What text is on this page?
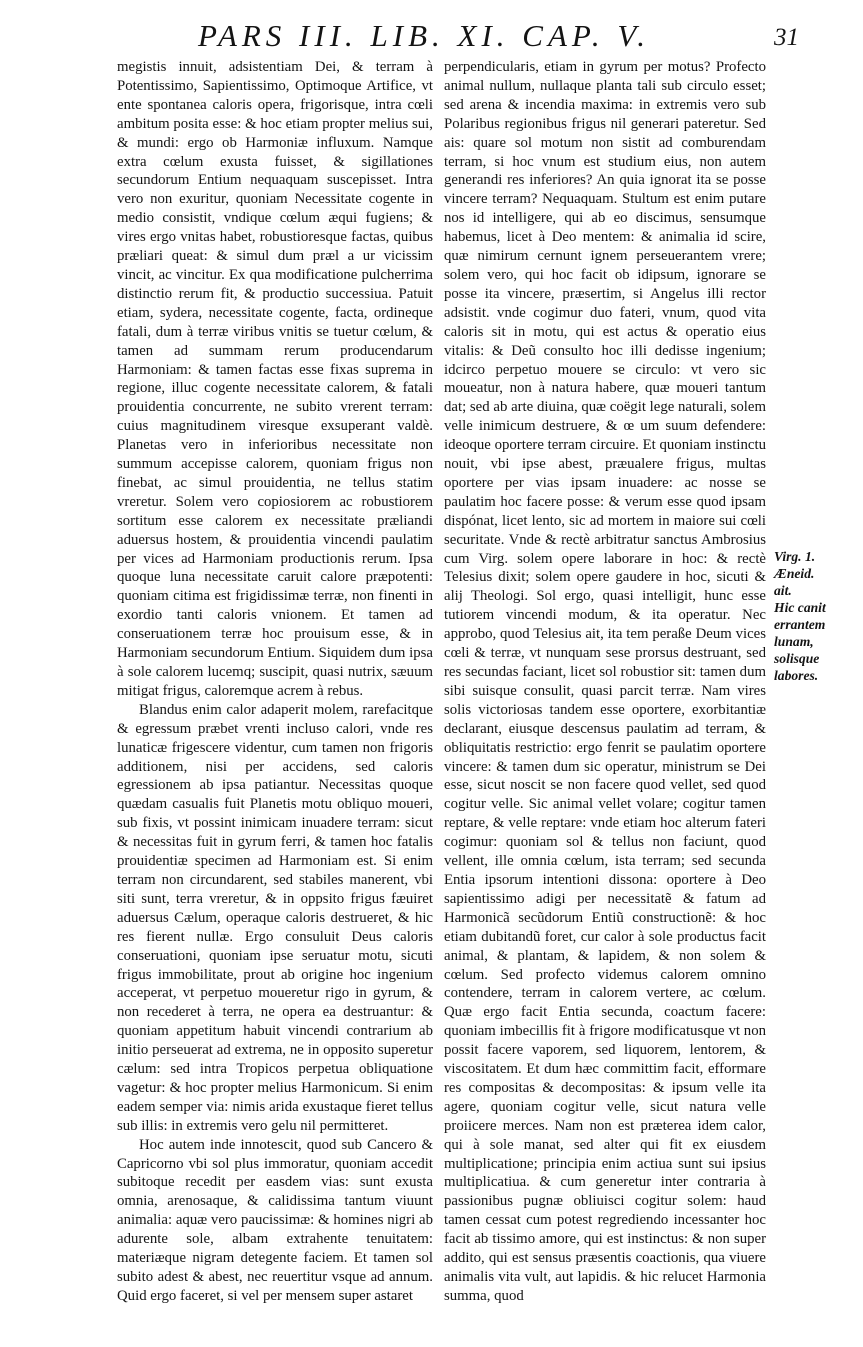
PARS III. LIB. XI. CAP. V.	31

megistis innuit, adsistentiam Dei, & terram à Potentissimo, Sapientissimo, Optimoque Artifice, vt ente spontanea caloris opera, frigorisque, intra cœli ambitum posita esse: & hoc etiam propter melius sui, & mundi: ergo ob Harmoniæ influxum. Namque extra cœlum exusta fuisset, & sigillationes secundorum Entium nequaquam suscepisset. Intra vero non exuritur, quoniam Necessitate cogente in medio consistit, vndique cœlum æqui fugiens; & vires ergo vnitas habet, robustioresque factas, quibus præliari queat: & simul dum præl a ur vicissim vincit, ac vincitur. Ex qua modificatione pulcherrima distinctio rerum fit, & productio successiua. Patuit etiam, sydera, necessitate cogente, facta, ordineque fatali, dum à terræ viribus vnitis se tuetur cœlum, & tamen ad summam rerum producendarum Harmoniam: & tamen factas esse fixas suprema in regione, illuc cogente necessitate calorem, & fatali prouidentia concurrente, ne subito vrerent terram: cuius magnitudinem viresque exsuperant valdè. Planetas vero in inferioribus necessitate non summum accepisse calorem, quoniam frigus non finebat, ac simul prouidentia, ne tellus statim vreretur. Solem vero copiosiorem ac robustiorem sortitum esse calorem ex necessitate præliandi aduersus hostem, & prouidentia vincendi paulatim per vices ad Harmoniam productionis rerum. Ipsa quoque luna necessitate caruit calore præpotenti: quoniam citima est frigidissimæ terræ, non finenti in exordio tanti caloris vnionem. Et tamen ad conseruationem terræ hoc prouisum esse, & in Harmoniam secundorum Entium. Siquidem dum ipsa à sole calorem lucemq; suscipit, quasi nutrix, sæuum mitigat frigus, caloremque acrem à rebus.

Blandus enim calor adaperit molem, rarefacitque & egressum præbet vrenti incluso calori, vnde res lunaticæ frigescere videntur, cum tamen non frigoris additionem, nisi per accidens, sed caloris egressionem ab ipsa patiantur. Necessitas quoque quædam casualis fuit Planetis motu obliquo moueri, sub fixis, vt possint inimicam inuadere terram: sicut & necessitas fuit in gyrum ferri, & tamen hoc fatalis prouidentiæ specimen ad Harmoniam est. Si enim terram non circundarent, sed stabiles manerent, vbi siti sunt, terra vreretur, & in oppsito frigus fæuiret aduersus Cælum, operaque caloris destrueret, & hic res fierent nullæ. Ergo consuluit Deus caloris conseruationi, quoniam ipse seruatur motu, sicuti frigus immobilitate, prout ab origine hoc ingenium acceperat, vt perpetuo moueretur rigo in gyrum, & non recederet à terra, ne opera ea destruantur: & quoniam appetitum habuit vincendi contrarium ab initio perseuerat ad extrema, ne in opposito superetur cælum: sed intra Tropicos perpetua obliquatione vagetur: & hoc propter melius Harmonicum. Si enim eadem semper via: nimis arida exustaque fieret tellus sub illis: in extremis vero gelu nil permitteret.

Hoc autem inde innotescit, quod sub Cancero & Capricorno vbi sol plus immoratur, quoniam accedit subitoque recedit per easdem vias: sunt exusta omnia, arenosaque, & calidissima tantum viuunt animalia: aquæ vero paucissimæ: & homines nigri ab adurente sole, albam extrahente tenuitatem: materiæque nigram detegente faciem. Et tamen sol subito adest & abest, nec reuertitur vsque ad annum. Quid ergo faceret, si vel per mensem super astaret

perpendicularis, etiam in gyrum per motus? Profecto animal nullum, nullaque planta tali sub circulo esset; sed arena & incendia maxima: in extremis vero sub Polaribus regionibus frigus nil generari pateretur. Sed ais: quare sol motum non sistit ad comburendam terram, si hoc vnum est studium eius, non autem generandi res inferiores? An quia ignorat ita se posse vincere terram? Nequaquam. Stultum est enim putare nos id intelligere, qui ab eo discimus, sensumque habemus, licet à Deo mentem: & animalia id scire, quæ nimirum cernunt ignem perseuerantem vrere; solem vero, qui hoc facit ob idipsum, ignorare se posse ita vincere, præsertim, si Angelus illi rector adsistit. vnde cogimur duo fateri, vnum, quod vita caloris sit in motu, qui est actus & operatio eius vitalis: & Deũ consulto hoc illi dedisse ingenium; idcirco perpetuo mouere se circulo: vt vero sic moueatur, non à natura habere, quæ moueri tantum dat; sed ab arte diuina, quæ coëgit lege naturali, solem velle inimicum destruere, & œ um suum defendere: ideoque oportere terram circuire. Et quoniam instinctu nouit, vbi ipse abest, præualere frigus, multas oportere per vias ipsam inuadere: ac nosse se paulatim hoc facere posse: & verum esse quod ipsam dispónat, licet lento, sic ad mortem in maiore sui cœli securitate. Vnde & rectè arbitratur sanctus Ambrosius cum Virg. solem opere laborare in hoc: & rectè Telesius dixit; solem opere gaudere in hoc, sicuti & alij Theologi. Sol ergo, quasi intelligit, hunc esse tutiorem vincendi modum, & ita operatur. Nec approbo, quod Telesius ait, ita tem peraße Deum vices cœli & terræ, vt nunquam sese prorsus destruant, sed res secundas faciant, licet sol robustior sit: tamen dum sibi suisque consulit, quasi parcit terræ. Nam vires solis victoriosas tandem esse oportere, exorbitantiæ declarant, eiusque descensus paulatim ad terram, & obliquitatis restrictio: ergo fenrit se paulatim oportere vincere: & tamen dum sic operatur, ministrum se Dei esse, sicut noscit se non facere quod vellet, sed quod cogitur velle. Sic animal vellet volare; cogitur tamen reptare, & velle reptare: vnde etiam hoc alterum fateri cogimur: quoniam sol & tellus non faciunt, quod vellent, ille omnia cœlum, ista terram; sed secunda Entia ipsorum intentioni dissona: oportere à Deo sapientissimo adigi per necessitatẽ & fatum ad Harmonicã secũdorum Entiũ constructionẽ: & hoc etiam dubitandũ foret, cur calor à sole productus facit animal, & plantam, & lapidem, & non solem & cœlum. Sed profecto videmus calorem omnino contendere, terram in calorem vertere, ac cœlum. Quæ ergo facit Entia secunda, coactum facere: quoniam imbecillis fit à frigore modificatusque vt non possit facere vaporem, sed liquorem, lentorem, & viscositatem. Et dum hæc committim facit, efformare res compositas & decompositas: & ipsum velle ita agere, quoniam cogitur velle, sicut natura velle proiicere merces. Nam non est præterea idem calor, qui à sole manat, sed alter qui fit ex eiusdem multiplicatione; principia enim actiua sunt sui ipsius multiplicatiua. & cum generetur inter contraria à passionibus pugnæ obliuisci cogitur solem: haud tamen cessat cum potest regrediendo incessanter hoc facit ab tissimo amore, qui est instinctus: & non super addito, qui est sensus præsentis coactionis, qua viuere animalis vita vult, aut lapidis. & hic relucet Harmonia summa, quod

Virg. 1.
Æneid.
ait.
Hic canit
errantem
lunam,
solisque
labores.
